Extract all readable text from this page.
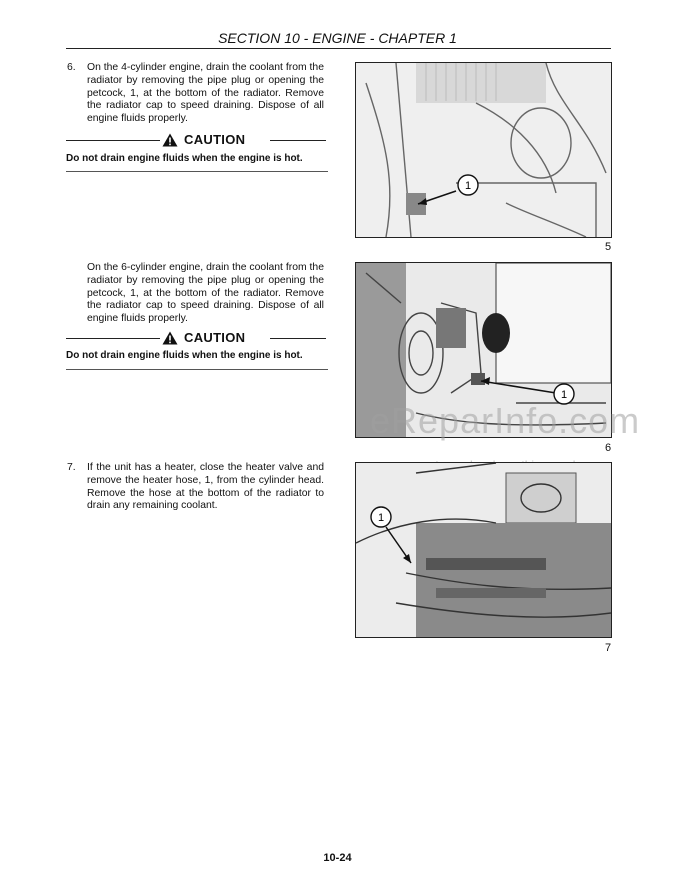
SECTION 10 - ENGINE - CHAPTER 1
6. On the 4-cylinder engine, drain the coolant from the radiator by removing the pipe plug or opening the petcock, 1, at the bottom of the radiator. Remove the radiator cap to speed draining. Dispose of all engine fluids properly.
CAUTION
Do not drain engine fluids when the engine is hot.
1
5
On the 6-cylinder engine, drain the coolant from the radiator by removing the pipe plug or opening the petcock, 1, at the bottom of the radiator. Remove the radiator cap to speed draining. Dispose of all engine fluids properly.
CAUTION
Do not drain engine fluids when the engine is hot.
1
6
eReparInfo.com
7. If the unit has a heater, close the heater valve and remove the heater hose, 1, from the cylinder head. Remove the hose at the bottom of the radiator to drain any remaining coolant.
1
7
10-24
